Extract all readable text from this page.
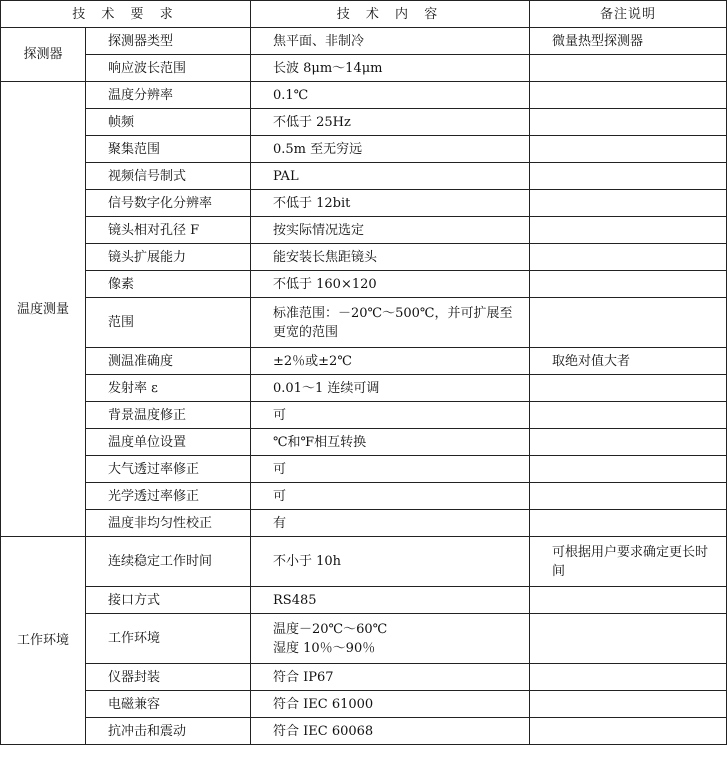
技 术 要 求		技 术 内 容	备注说明
探测器	探测器类型	焦平面、非制冷	微量热型探测器
	响应波长范围	长波 8μm～14μm	
温度测量	温度分辨率	0.1℃	
	帧频	不低于 25Hz	
	聚集范围	0.5m 至无穷远	
	视频信号制式	PAL	
	信号数字化分辨率	不低于 12bit	
	镜头相对孔径 F	按实际情况选定	
	镜头扩展能力	能安装长焦距镜头	
	像素	不低于 160×120	
	范围	标准范围：－20℃～500℃，并可扩展至更宽的范围	
	测温准确度	±2％或±2℃	取绝对值大者
	发射率 ε	0.01～1 连续可调	
	背景温度修正	可	
	温度单位设置	℃和℉相互转换	
	大气透过率修正	可	
	光学透过率修正	可	
	温度非均匀性校正	有	
工作环境	连续稳定工作时间	不小于 10h	可根据用户要求确定更长时间
	接口方式	RS485	
	工作环境	温度－20℃～60℃
湿度 10％～90％	

	仪器封装	符合 IP67	
	电磁兼容	符合 IEC 61000	
	抗冲击和震动	符合 IEC 60068	
